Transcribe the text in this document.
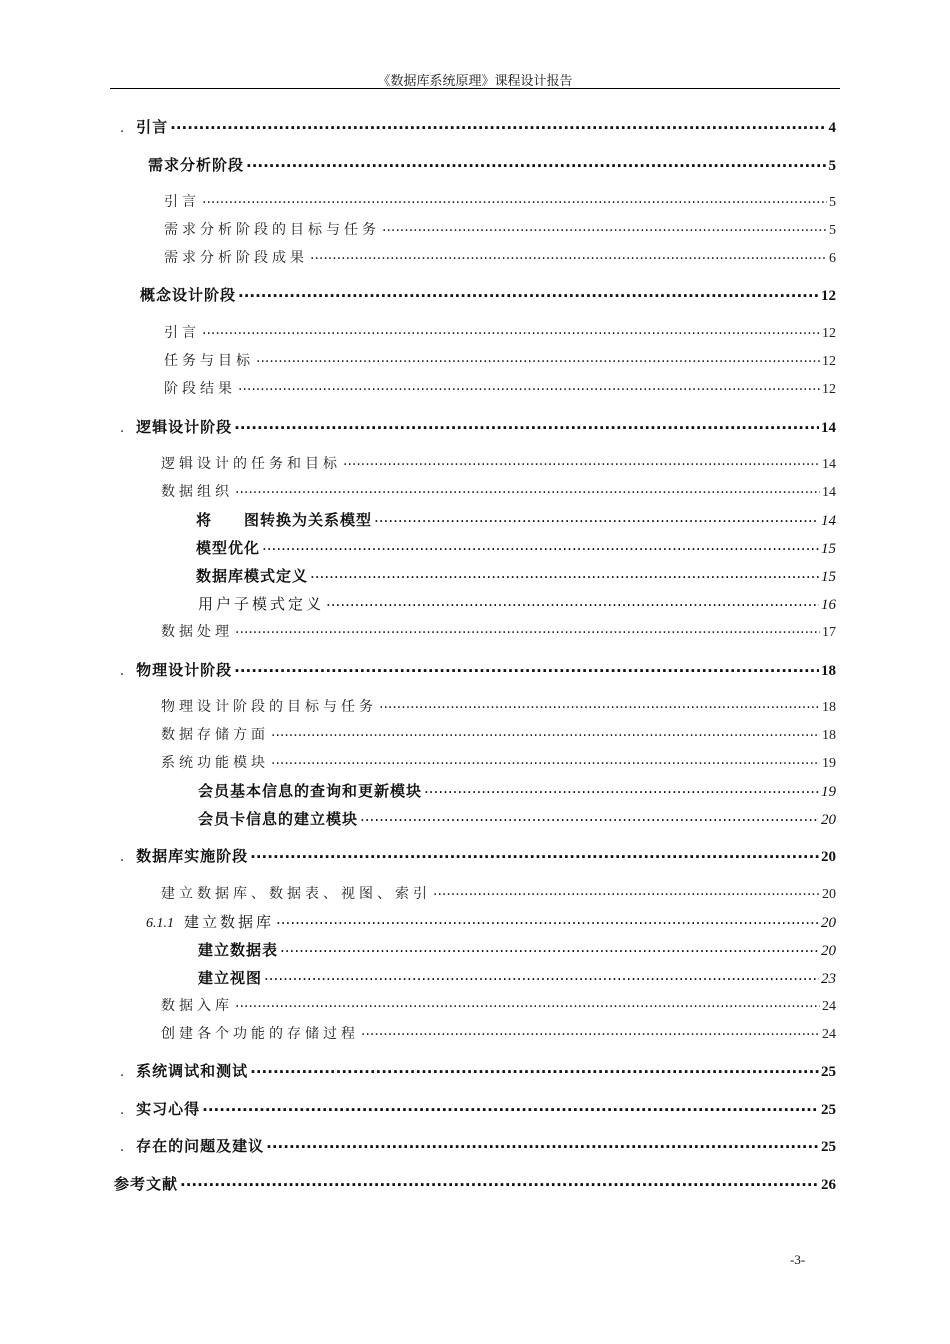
《数据库系统原理》课程设计报告
. 引言 .....	4
需求分析阶段 .....	5
引言 .....	5
需求分析阶段的目标与任务 .....	5
需求分析阶段成果 .....	6
概念设计阶段 .....	12
引言 .....	12
任务与目标 .....	12
阶段结果 .....	12
. 逻辑设计阶段 .....	14
逻辑设计的任务和目标 .....	14
数据组织 .....	14
将　　图转换为关系模型 .....	14
模型优化 .....	15
数据库模式定义 .....	15
用户子模式定义 .....	16
数据处理 .....	17
. 物理设计阶段 .....	18
物理设计阶段的目标与任务 .....	18
数据存储方面 .....	18
系统功能模块 .....	19
会员基本信息的查询和更新模块 .....	19
会员卡信息的建立模块 .....	20
. 数据库实施阶段 .....	20
建立数据库、数据表、视图、索引 .....	20
6.1.1 建立数据库 .....	20
建立数据表 .....	20
建立视图 .....	23
数据入库 .....	24
创建各个功能的存储过程 .....	24
. 系统调试和测试 .....	25
. 实习心得 .....	25
. 存在的问题及建议 .....	25
参考文献 .....	26
-3-
